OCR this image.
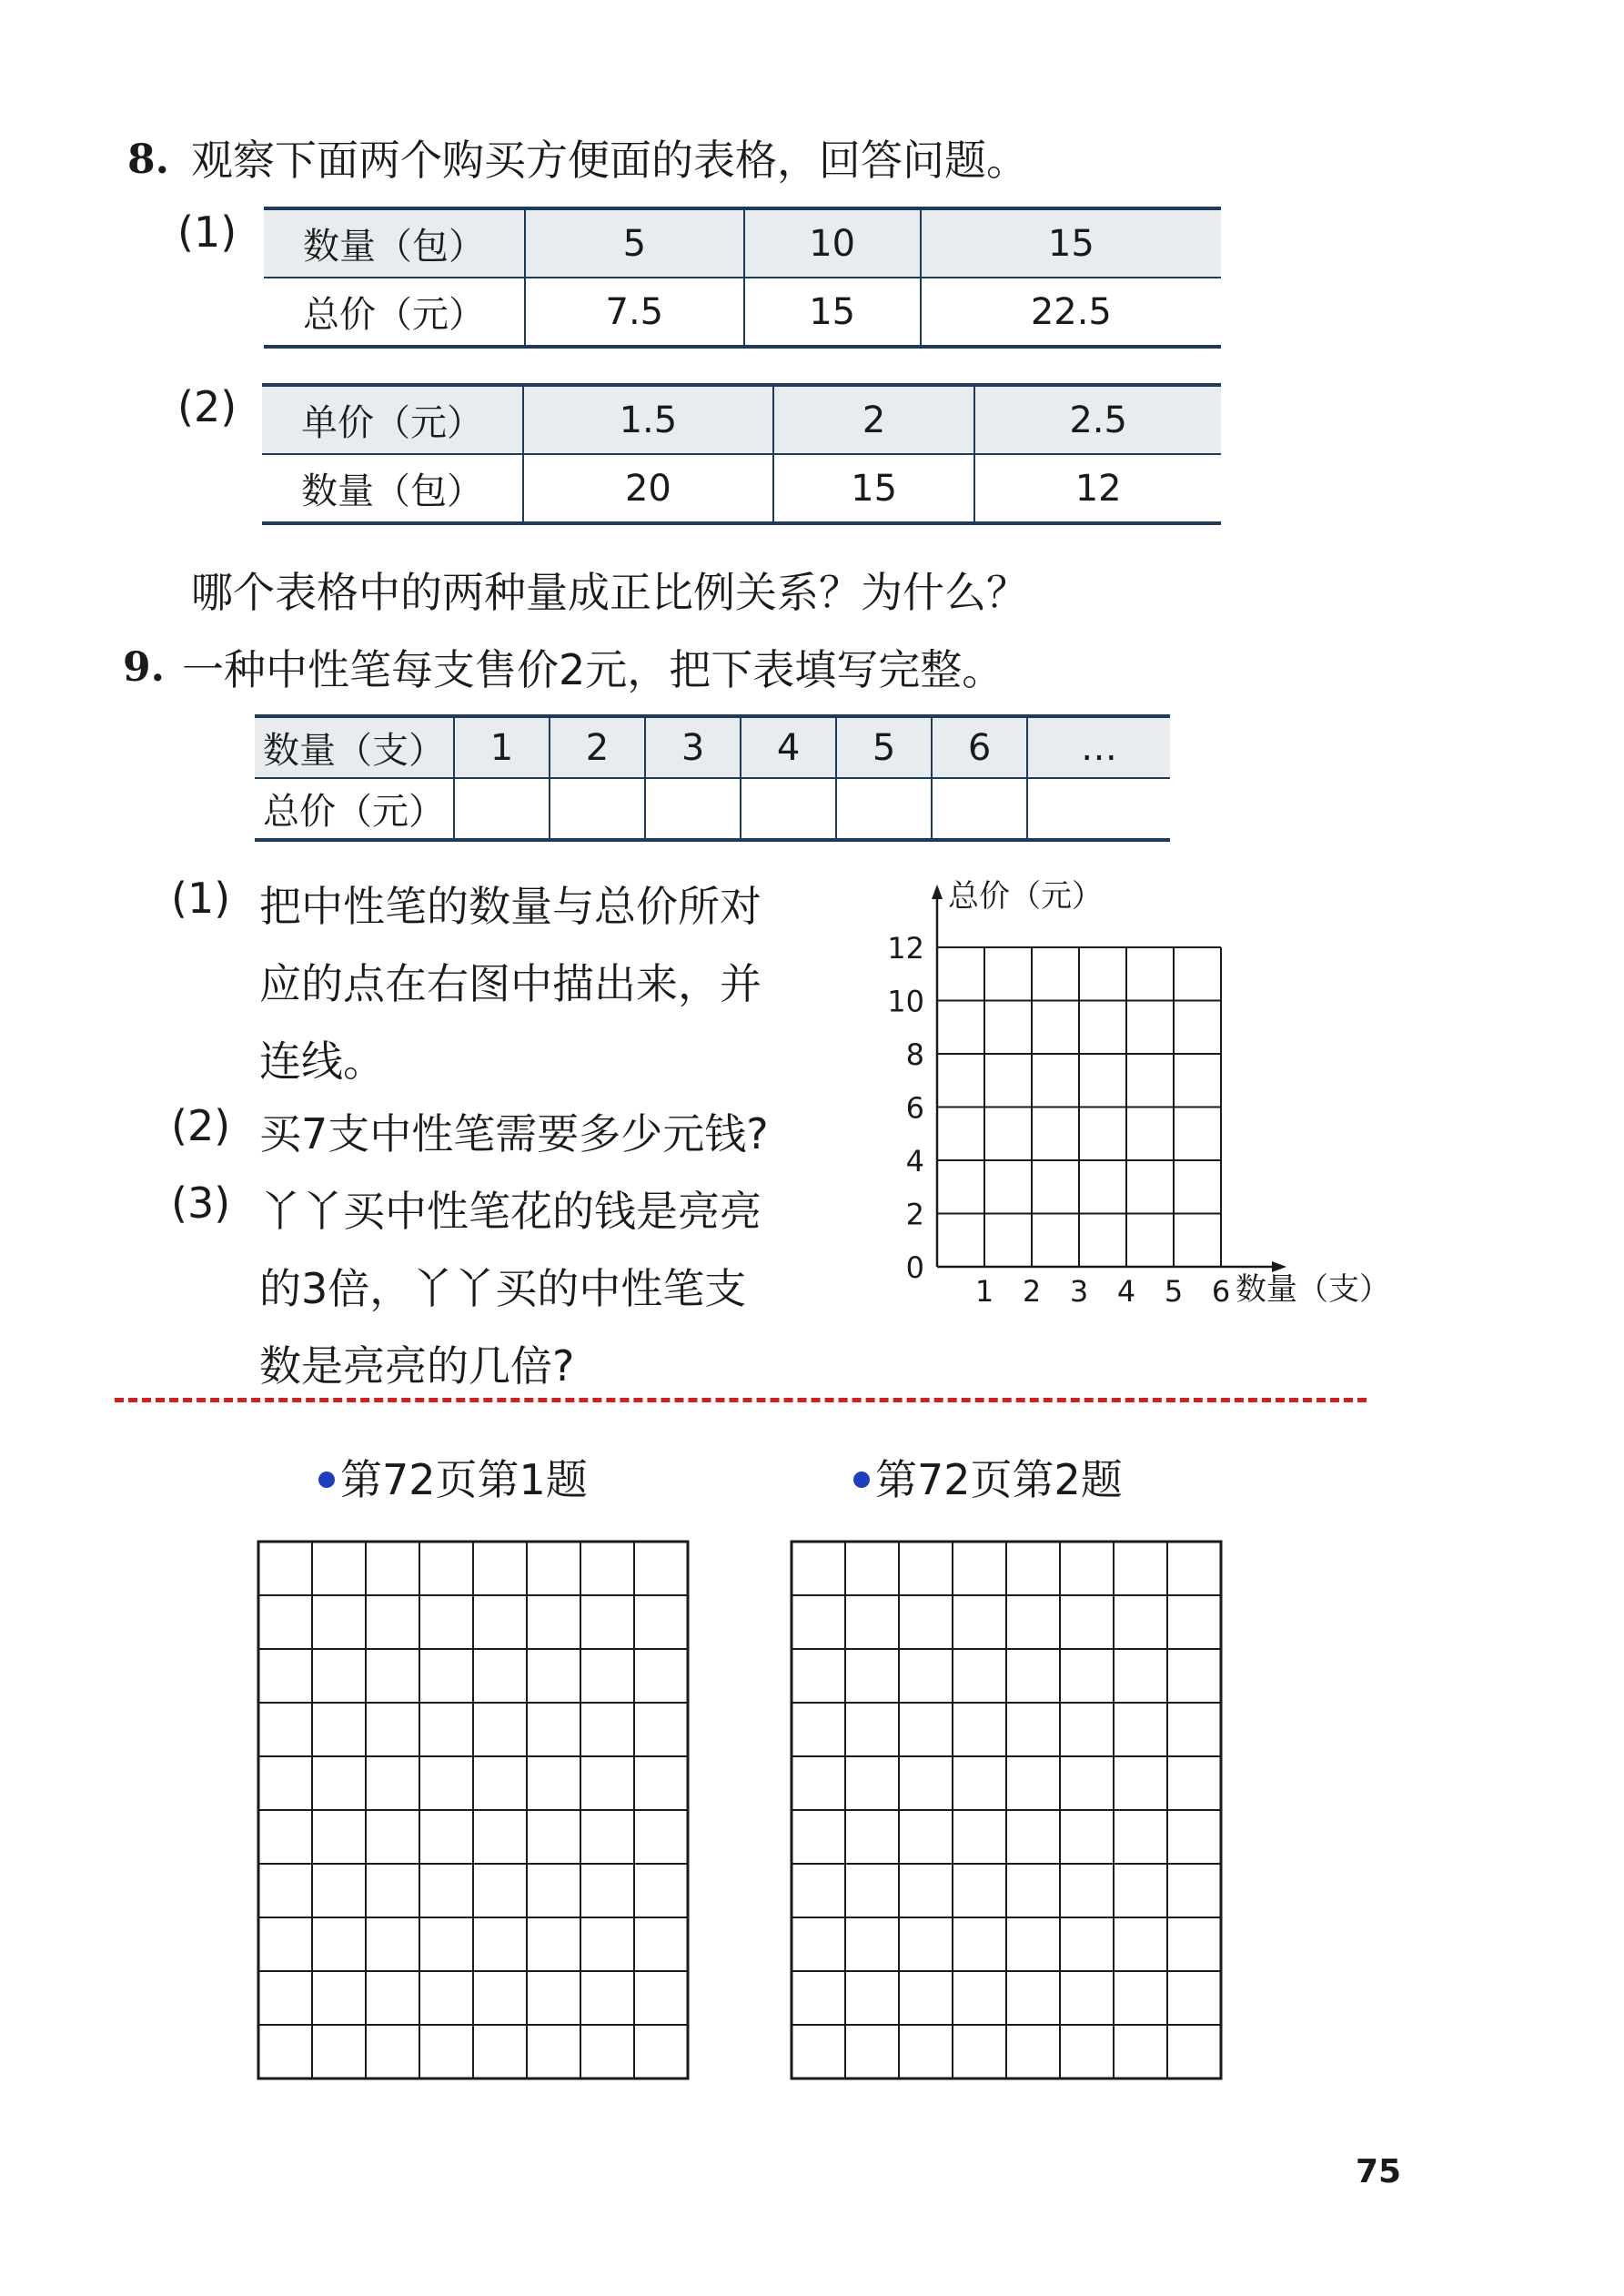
8. 观察下面两个购买方便面的表格，回答问题。
(1) 数量（包）	5	10	15
总价（元）	7.5	15	22.5
(2) 单价（元）	1.5	2	2.5
数量（包）	20	15	12
哪个表格中的两种量成正比例关系？为什么？
9. 一种中性笔每支售价2元，把下表填写完整。
数量（支）	1	2	3	4	5	6	…
总价（元）							
(1) 把中性笔的数量与总价所对
应的点在右图中描出来，并
连线。
(2) 买7支中性笔需要多少元钱?
(3) 丫丫买中性笔花的钱是亮亮
的3倍，丫丫买的中性笔支
数是亮亮的几倍?
0
2
4
6
8
10
12
1 2 3 4 5 6
总价（元）
数量（支）
第72页第1题	第72页第2题
75
